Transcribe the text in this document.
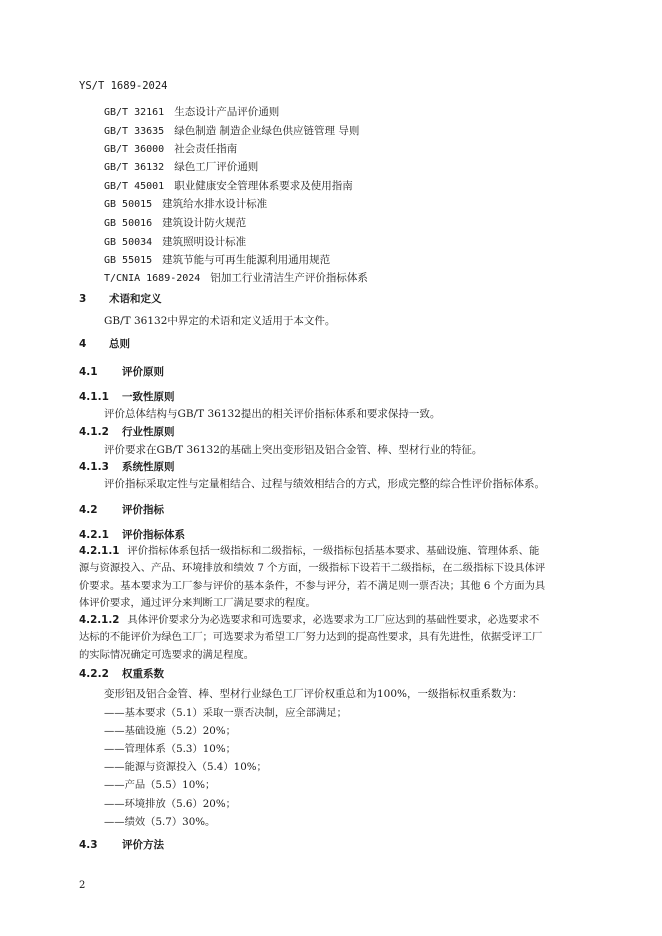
YS/T 1689-2024
GB/T 32161 生态设计产品评价通则
GB/T 33635 绿色制造 制造企业绿色供应链管理 导则
GB/T 36000 社会责任指南
GB/T 36132 绿色工厂评价通则
GB/T 45001 职业健康安全管理体系要求及使用指南
GB 50015 建筑给水排水设计标准
GB 50016 建筑设计防火规范
GB 50034 建筑照明设计标准
GB 55015 建筑节能与可再生能源利用通用规范
T/CNIA 1689-2024 铝加工行业清洁生产评价指标体系
3 术语和定义
GB/T 36132中界定的术语和定义适用于本文件。
4 总则
4.1 评价原则
4.1.1 一致性原则
评价总体结构与GB/T 36132提出的相关评价指标体系和要求保持一致。
4.1.2 行业性原则
评价要求在GB/T 36132的基础上突出变形铝及铝合金管、棒、型材行业的特征。
4.1.3 系统性原则
评价指标采取定性与定量相结合、过程与绩效相结合的方式，形成完整的综合性评价指标体系。
4.2 评价指标
4.2.1 评价指标体系
4.2.1.1 评价指标体系包括一级指标和二级指标，一级指标包括基本要求、基础设施、管理体系、能
源与资源投入、产品、环境排放和绩效 7 个方面，一级指标下设若干二级指标，在二级指标下设具体评
价要求。基本要求为工厂参与评价的基本条件，不参与评分，若不满足则一票否决；其他 6 个方面为具
体评价要求，通过评分来判断工厂满足要求的程度。
4.2.1.2 具体评价要求分为必选要求和可选要求，必选要求为工厂应达到的基础性要求，必选要求不
达标的不能评价为绿色工厂；可选要求为希望工厂努力达到的提高性要求，具有先进性，依据受评工厂
的实际情况确定可选要求的满足程度。
4.2.2 权重系数
变形铝及铝合金管、棒、型材行业绿色工厂评价权重总和为100%，一级指标权重系数为：
——基本要求（5.1）采取一票否决制，应全部满足；
——基础设施（5.2）20%；
——管理体系（5.3）10%；
——能源与资源投入（5.4）10%；
——产品（5.5）10%；
——环境排放（5.6）20%；
——绩效（5.7）30%。
4.3 评价方法
2
